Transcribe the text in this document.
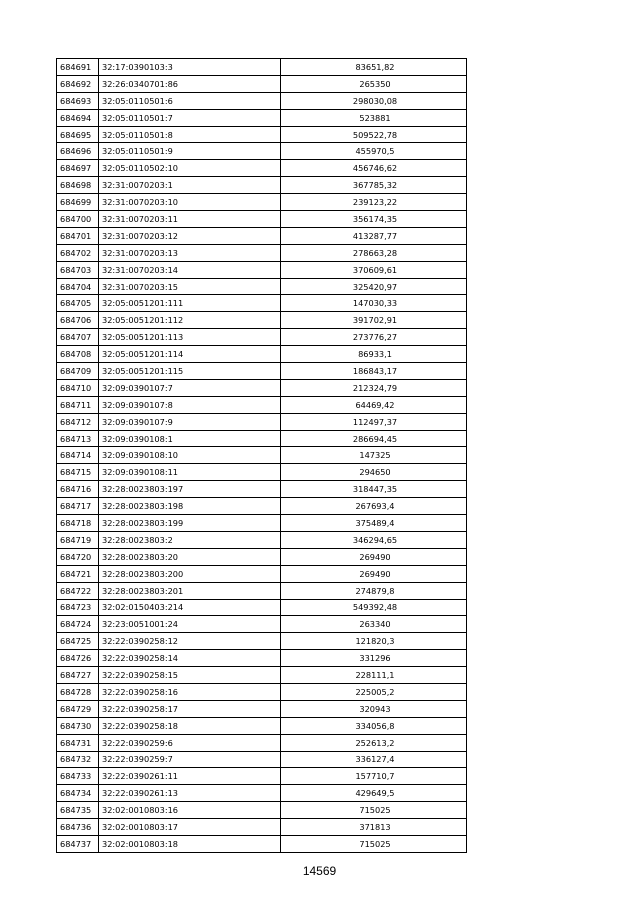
684691	32:17:0390103:3	83651,82
684692	32:26:0340701:86	265350
684693	32:05:0110501:6	298030,08
684694	32:05:0110501:7	523881
684695	32:05:0110501:8	509522,78
684696	32:05:0110501:9	455970,5
684697	32:05:0110502:10	456746,62
684698	32:31:0070203:1	367785,32
684699	32:31:0070203:10	239123,22
684700	32:31:0070203:11	356174,35
684701	32:31:0070203:12	413287,77
684702	32:31:0070203:13	278663,28
684703	32:31:0070203:14	370609,61
684704	32:31:0070203:15	325420,97
684705	32:05:0051201:111	147030,33
684706	32:05:0051201:112	391702,91
684707	32:05:0051201:113	273776,27
684708	32:05:0051201:114	86933,1
684709	32:05:0051201:115	186843,17
684710	32:09:0390107:7	212324,79
684711	32:09:0390107:8	64469,42
684712	32:09:0390107:9	112497,37
684713	32:09:0390108:1	286694,45
684714	32:09:0390108:10	147325
684715	32:09:0390108:11	294650
684716	32:28:0023803:197	318447,35
684717	32:28:0023803:198	267693,4
684718	32:28:0023803:199	375489,4
684719	32:28:0023803:2	346294,65
684720	32:28:0023803:20	269490
684721	32:28:0023803:200	269490
684722	32:28:0023803:201	274879,8
684723	32:02:0150403:214	549392,48
684724	32:23:0051001:24	263340
684725	32:22:0390258:12	121820,3
684726	32:22:0390258:14	331296
684727	32:22:0390258:15	228111,1
684728	32:22:0390258:16	225005,2
684729	32:22:0390258:17	320943
684730	32:22:0390258:18	334056,8
684731	32:22:0390259:6	252613,2
684732	32:22:0390259:7	336127,4
684733	32:22:0390261:11	157710,7
684734	32:22:0390261:13	429649,5
684735	32:02:0010803:16	715025
684736	32:02:0010803:17	371813
684737	32:02:0010803:18	715025
14569
